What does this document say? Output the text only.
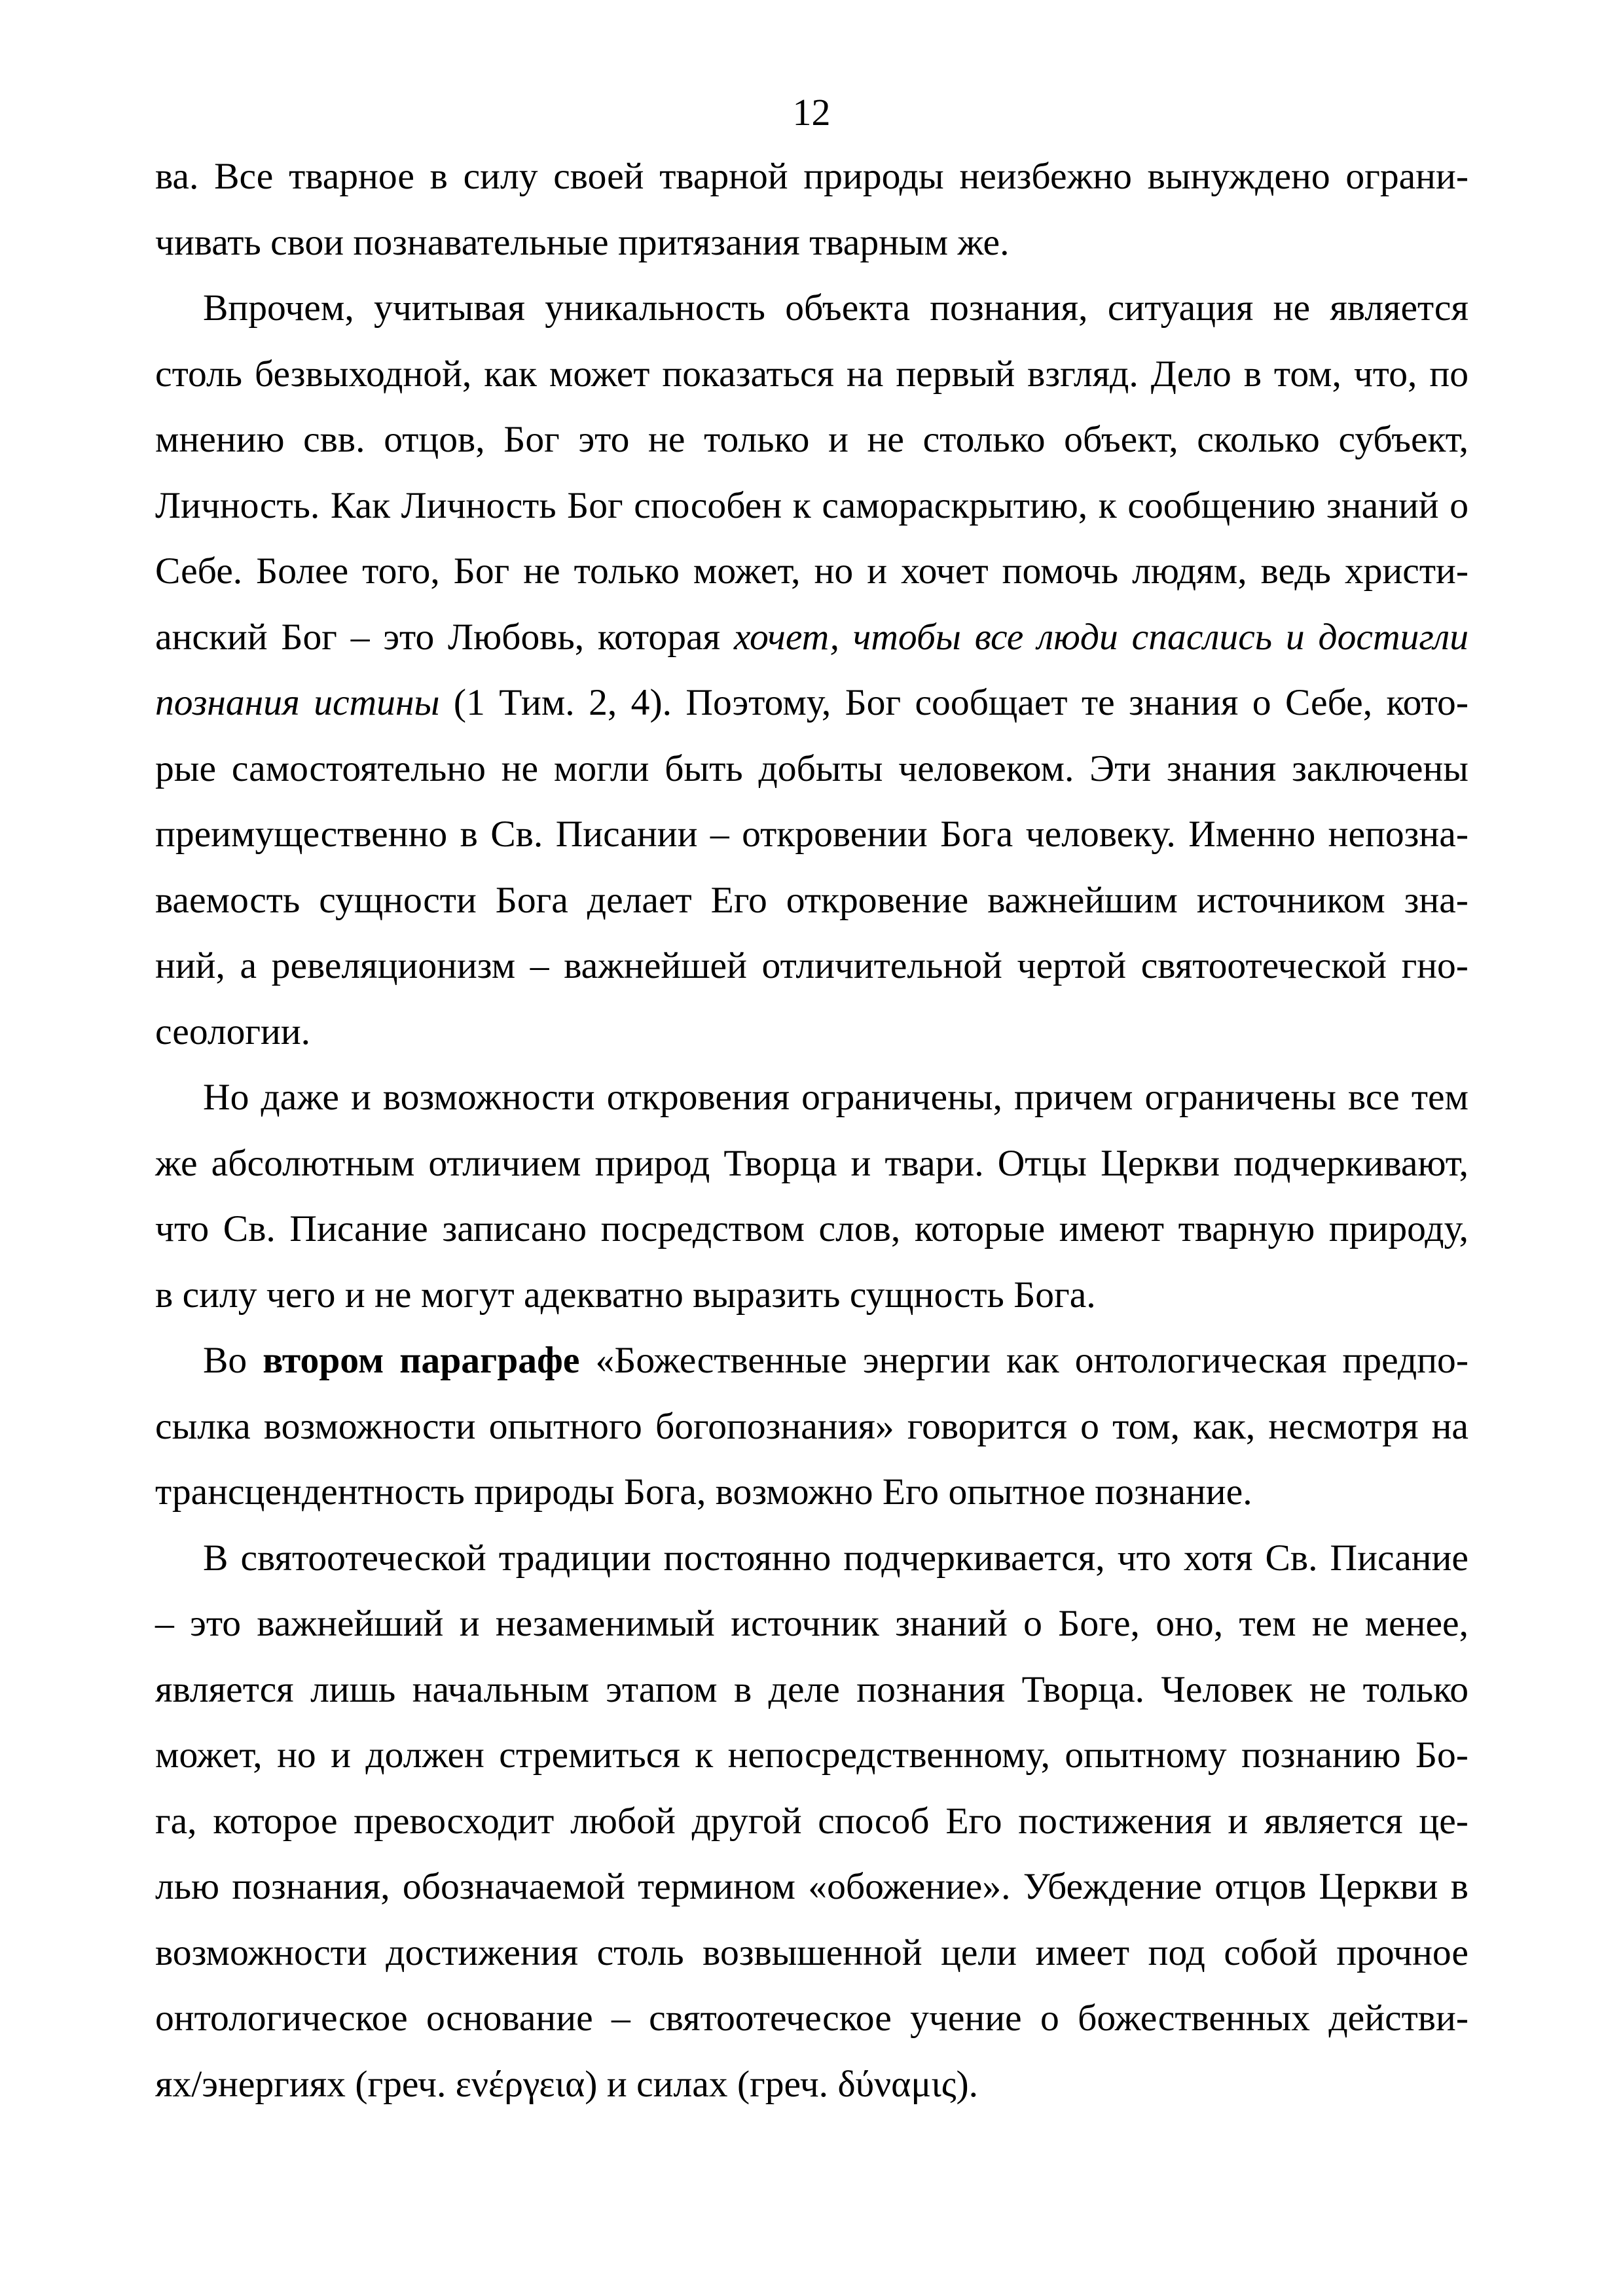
12
ва. Все тварное в силу своей тварной природы неизбежно вынуждено ограни-
чивать свои познавательные притязания тварным же.
Впрочем, учитывая уникальность объекта познания, ситуация не является
столь безвыходной, как может показаться на первый взгляд. Дело в том, что, по
мнению свв. отцов, Бог это не только и не столько объект, сколько субъект,
Личность. Как Личность Бог способен к самораскрытию, к сообщению знаний о
Себе. Более того, Бог не только может, но и хочет помочь людям, ведь христи-
анский Бог – это Любовь, которая хочет, чтобы все люди спаслись и достигли
познания истины (1 Тим. 2, 4). Поэтому, Бог сообщает те знания о Себе, кото-
рые самостоятельно не могли быть добыты человеком. Эти знания заключены
преимущественно в Св. Писании – откровении Бога человеку. Именно непозна-
ваемость сущности Бога делает Его откровение важнейшим источником зна-
ний, а ревеляционизм – важнейшей отличительной чертой святоотеческой гно-
сеологии.
Но даже и возможности откровения ограничены, причем ограничены все тем
же абсолютным отличием природ Творца и твари. Отцы Церкви подчеркивают,
что Св. Писание записано посредством слов, которые имеют тварную природу,
в силу чего и не могут адекватно выразить сущность Бога.
Во втором параграфе «Божественные энергии как онтологическая предпо-
сылка возможности опытного богопознания» говорится о том, как, несмотря на
трансцендентность природы Бога, возможно Его опытное познание.
В святоотеческой традиции постоянно подчеркивается, что хотя Св. Писание
– это важнейший и незаменимый источник знаний о Боге, оно, тем не менее,
является лишь начальным этапом в деле познания Творца. Человек не только
может, но и должен стремиться к непосредственному, опытному познанию Бо-
га, которое превосходит любой другой способ Его постижения и является це-
лью познания, обозначаемой термином «обожение». Убеждение отцов Церкви в
возможности достижения столь возвышенной цели имеет под собой прочное
онтологическое основание – святоотеческое учение о божественных действи-
ях/энергиях (греч. ενέργεια) и силах (греч. δύναμις).
